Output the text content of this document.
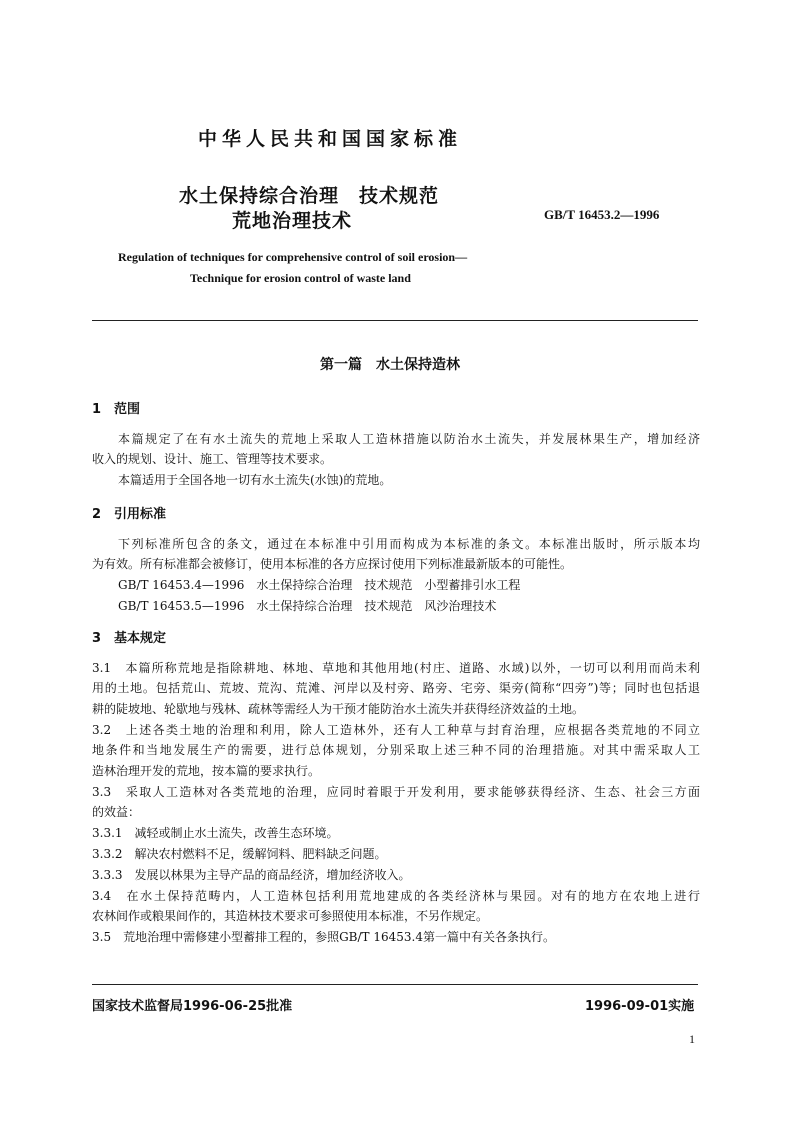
中华人民共和国国家标准
水土保持综合治理　技术规范
荒地治理技术	GB/T 16453.2—1996
Regulation of techniques for comprehensive control of soil erosion—
Technique for erosion control of waste land
第一篇　水土保持造林
1　范围
本篇规定了在有水土流失的荒地上采取人工造林措施以防治水土流失，并发展林果生产，增加经济
收入的规划、设计、施工、管理等技术要求。
本篇适用于全国各地一切有水土流失(水蚀)的荒地。
2　引用标准
下列标准所包含的条文，通过在本标准中引用而构成为本标准的条文。本标准出版时，所示版本均
为有效。所有标准都会被修订，使用本标准的各方应探讨使用下列标准最新版本的可能性。
GB/T 16453.4—1996　水土保持综合治理　技术规范　小型蓄排引水工程
GB/T 16453.5—1996　水土保持综合治理　技术规范　风沙治理技术
3　基本规定
3.1　本篇所称荒地是指除耕地、林地、草地和其他用地(村庄、道路、水域)以外，一切可以利用而尚未利
用的土地。包括荒山、荒坡、荒沟、荒滩、河岸以及村旁、路旁、宅旁、渠旁(简称“四旁”)等；同时也包括退
耕的陡坡地、轮歇地与残林、疏林等需经人为干预才能防治水土流失并获得经济效益的土地。
3.2　上述各类土地的治理和利用，除人工造林外，还有人工种草与封育治理，应根据各类荒地的不同立
地条件和当地发展生产的需要，进行总体规划，分别采取上述三种不同的治理措施。对其中需采取人工
造林治理开发的荒地，按本篇的要求执行。
3.3　采取人工造林对各类荒地的治理，应同时着眼于开发利用，要求能够获得经济、生态、社会三方面
的效益：
3.3.1　减轻或制止水土流失，改善生态环境。
3.3.2　解决农村燃料不足，缓解饲料、肥料缺乏问题。
3.3.3　发展以林果为主导产品的商品经济，增加经济收入。
3.4　在水土保持范畴内，人工造林包括利用荒地建成的各类经济林与果园。对有的地方在农地上进行
农林间作或粮果间作的，其造林技术要求可参照使用本标准，不另作规定。
3.5　荒地治理中需修建小型蓄排工程的，参照GB/T 16453.4第一篇中有关各条执行。
国家技术监督局1996-06-25批准	1996-09-01实施
1
